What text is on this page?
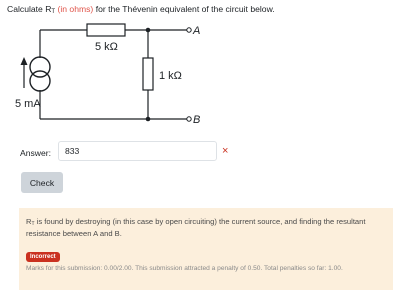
Calculate $R_T$ (in ohms) for the Thévenin equivalent of the circuit below.
5 kΩ
1 kΩ
5 mA
A
B
Answer:
833	×
Check
$R_T$ is found by destroying (in this case by open circuiting) the current source, and finding the resultant resistance between A and B.
Incorrect
Marks for this submission: 0.00/2.00. This submission attracted a penalty of 0.50. Total penalties so far: 1.00.
